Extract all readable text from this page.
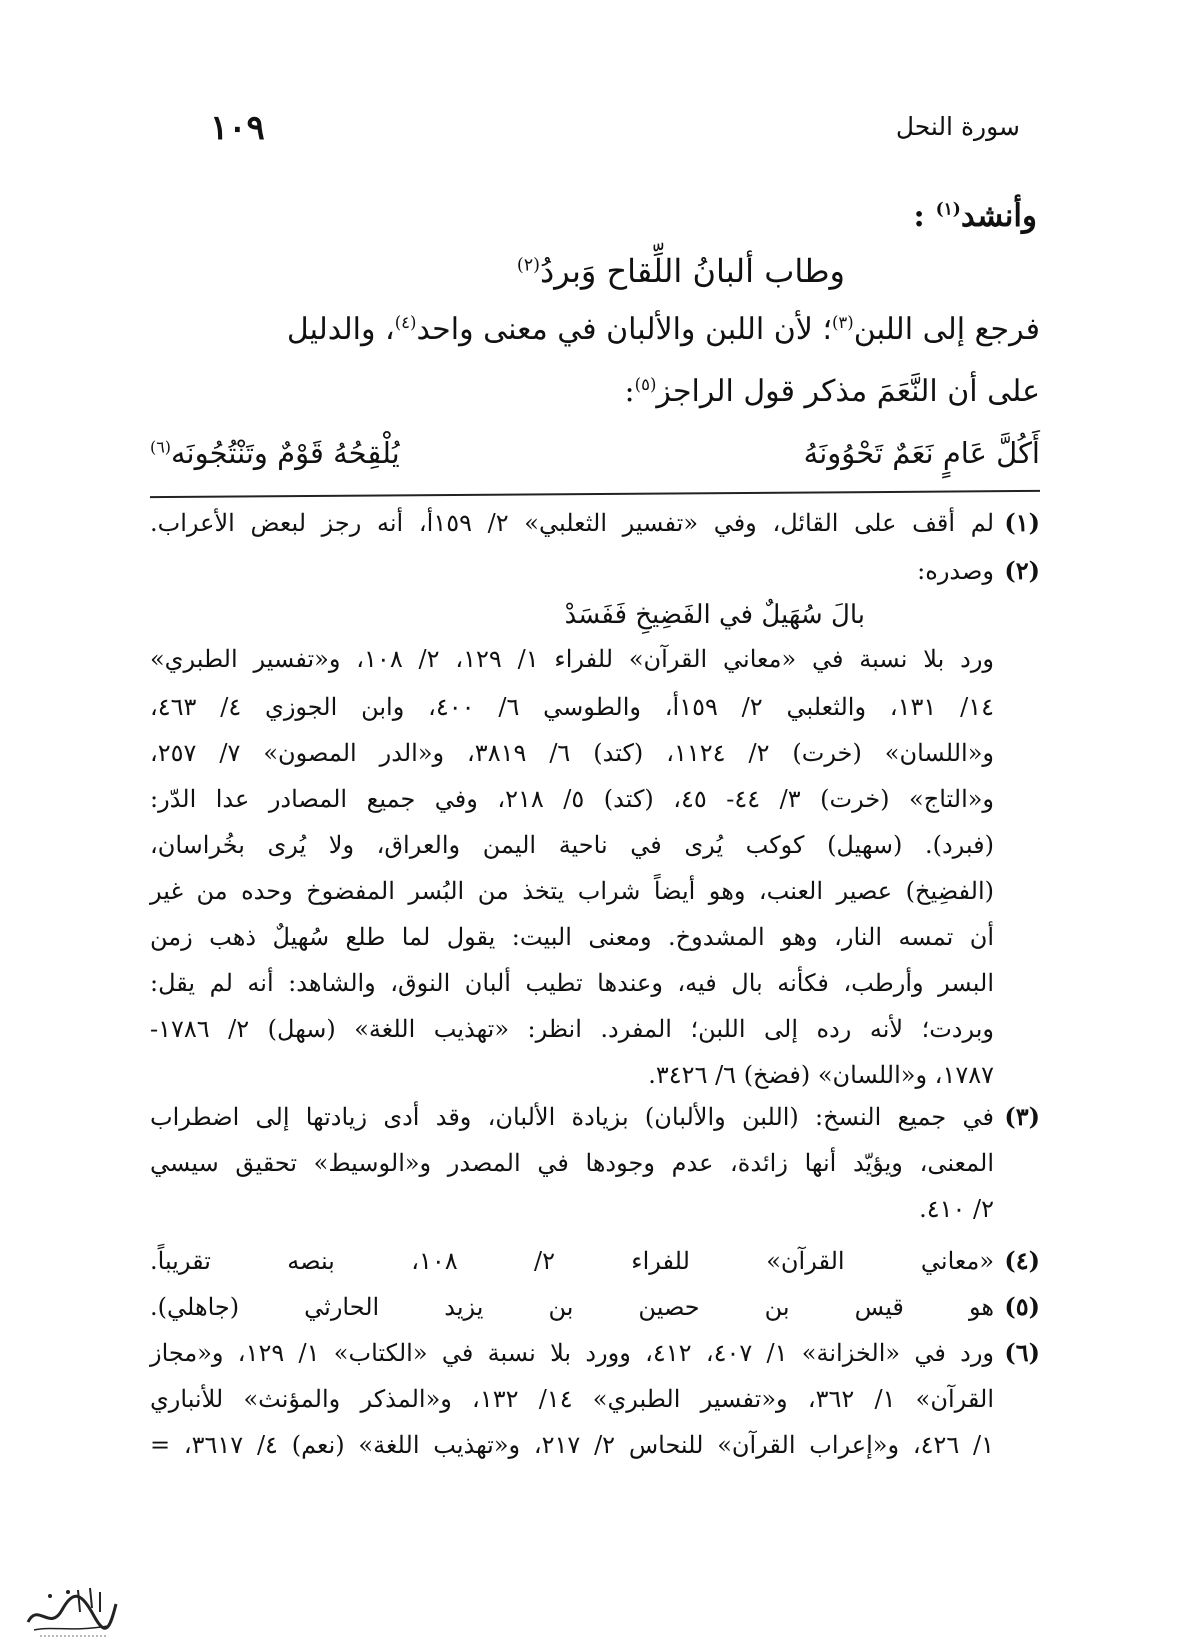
سورة النحل
١٠٩
وأنشد$^{(١)}$ :
وطاب ألبانُ اللِّقاح وَبردُ$^{(٢)}$
فرجع إلى اللبن$^{(٣)}$؛ لأن اللبن والألبان في معنى واحد$^{(٤)}$، والدليل
على أن النَّعَمَ مذكر قول الراجز$^{(٥)}$:
أَكُلَّ عَامٍ نَعَمٌ تَحْوُونَهُ
يُلْقِحُهُ قَوْمٌ وتَنْتُجُونَه$^{(٦)}$
(١)
لم أقف على القائل، وفي «تفسير الثعلبي» ٢/ ١٥٩أ، أنه رجز لبعض الأعراب.
(٢)
وصدره:
ورد بلا نسبة في «معاني القرآن» للفراء ١/ ١٢٩، ٢/ ١٠٨، و«تفسير الطبري»
١٤/ ١٣١، والثعلبي ٢/ ١٥٩أ، والطوسي ٦/ ٤٠٠، وابن الجوزي ٤/ ٤٦٣،
و«اللسان» (خرت) ٢/ ١١٢٤، (كتد) ٦/ ٣٨١٩، و«الدر المصون» ٧/ ٢٥٧،
و«التاج» (خرت) ٣/ ٤٤- ٤٥، (كتد) ٥/ ٢١٨، وفي جميع المصادر عدا الدّر:
(فبرد). (سهيل) كوكب يُرى في ناحية اليمن والعراق، ولا يُرى بخُراسان،
(الفضِيخ) عصير العنب، وهو أيضاً شراب يتخذ من البُسر المفضوخ وحده من غير
أن تمسه النار، وهو المشدوخ. ومعنى البيت: يقول لما طلع سُهيلٌ ذهب زمن
البسر وأرطب، فكأنه بال فيه، وعندها تطيب ألبان النوق، والشاهد: أنه لم يقل:
وبردت؛ لأنه رده إلى اللبن؛ المفرد. انظر: «تهذيب اللغة» (سهل) ٢/ ١٧٨٦-
١٧٨٧، و«اللسان» (فضخ) ٦/ ٣٤٢٦.
بالَ سُهَيلٌ في الفَضِيخِ فَفَسَدْ
(٣)
في جميع النسخ: (اللبن والألبان) بزيادة الألبان، وقد أدى زيادتها إلى اضطراب
المعنى، ويؤيّد أنها زائدة، عدم وجودها في المصدر و«الوسيط» تحقيق سيسي
٢/ ٤١٠.
(٤)
«معاني القرآن» للفراء ٢/ ١٠٨، بنصه تقريباً.
(٥)
هو قيس بن حصين بن يزيد الحارثي (جاهلي).
(٦)
ورد في «الخزانة» ١/ ٤٠٧، ٤١٢، وورد بلا نسبة في «الكتاب» ١/ ١٢٩، و«مجاز
القرآن» ١/ ٣٦٢، و«تفسير الطبري» ١٤/ ١٣٢، و«المذكر والمؤنث» للأنباري
١/ ٤٢٦، و«إعراب القرآن» للنحاس ٢/ ٢١٧، و«تهذيب اللغة» (نعم) ٤/ ٣٦١٧، =
